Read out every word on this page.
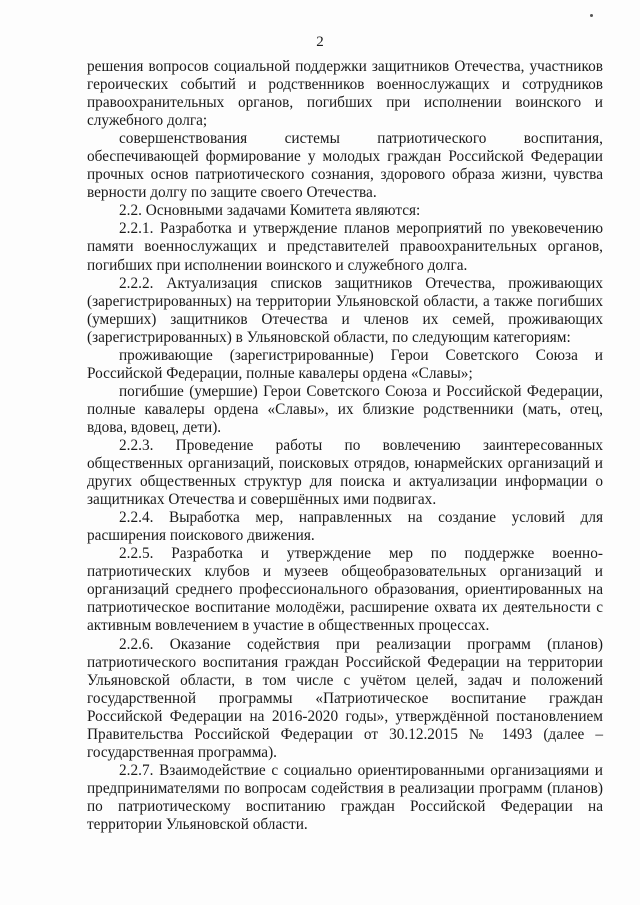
2

решения вопросов социальной поддержки защитников Отечества, участников героических событий и родственников военнослужащих и сотрудников правоохранительных органов, погибших при исполнении воинского и служебного долга;

совершенствования системы патриотического воспитания, обеспечивающей формирование у молодых граждан Российской Федерации прочных основ патриотического сознания, здорового образа жизни, чувства верности долгу по защите своего Отечества.

2.2. Основными задачами Комитета являются:

2.2.1. Разработка и утверждение планов мероприятий по увековечению памяти военнослужащих и представителей правоохранительных органов, погибших при исполнении воинского и служебного долга.

2.2.2. Актуализация списков защитников Отечества, проживающих (зарегистрированных) на территории Ульяновской области, а также погибших (умерших) защитников Отечества и членов их семей, проживающих (зарегистрированных) в Ульяновской области, по следующим категориям:

проживающие (зарегистрированные) Герои Советского Союза и Российской Федерации, полные кавалеры ордена «Славы»;

погибшие (умершие) Герои Советского Союза и Российской Федерации, полные кавалеры ордена «Славы», их близкие родственники (мать, отец, вдова, вдовец, дети).

2.2.3. Проведение работы по вовлечению заинтересованных общественных организаций, поисковых отрядов, юнармейских организаций и других общественных структур для поиска и актуализации информации о защитниках Отечества и совершённых ими подвигах.

2.2.4. Выработка мер, направленных на создание условий для расширения поискового движения.

2.2.5. Разработка и утверждение мер по поддержке военно-патриотических клубов и музеев общеобразовательных организаций и организаций среднего профессионального образования, ориентированных на патриотическое воспитание молодёжи, расширение охвата их деятельности с активным вовлечением в участие в общественных процессах.

2.2.6. Оказание содействия при реализации программ (планов) патриотического воспитания граждан Российской Федерации на территории Ульяновской области, в том числе с учётом целей, задач и положений государственной программы «Патриотическое воспитание граждан Российской Федерации на 2016-2020 годы», утверждённой постановлением Правительства Российской Федерации от 30.12.2015 № 1493 (далее – государственная программа).

2.2.7. Взаимодействие с социально ориентированными организациями и предпринимателями по вопросам содействия в реализации программ (планов) по патриотическому воспитанию граждан Российской Федерации на территории Ульяновской области.
